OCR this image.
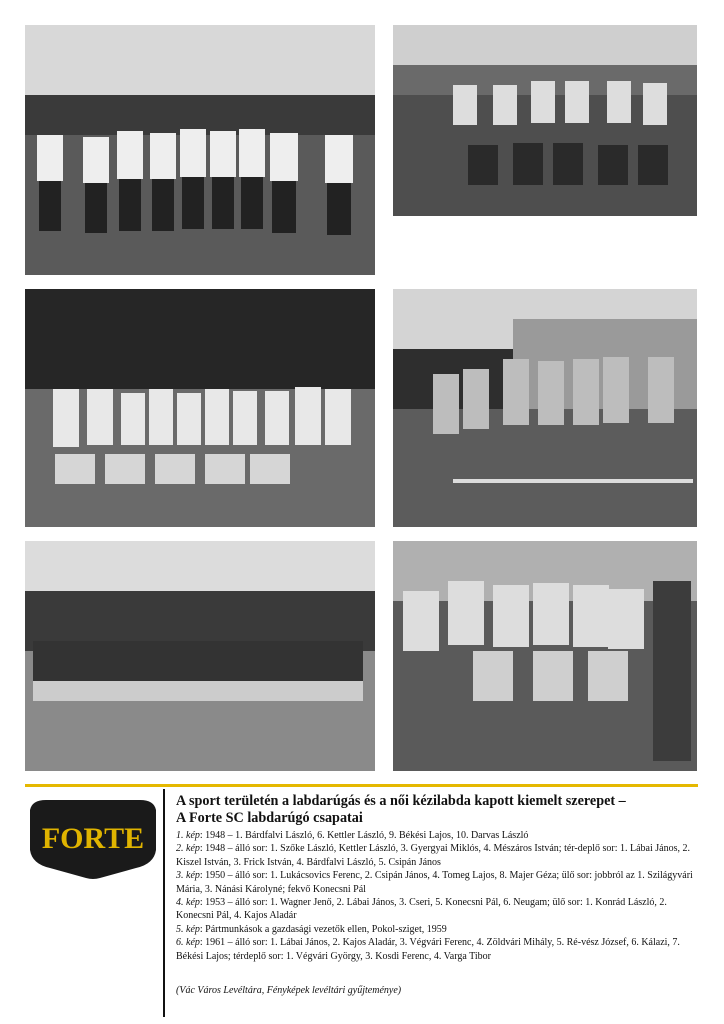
FORTE
A sport területén a labdarúgás és a női kézilabda kapott kiemelt szerepet –
A Forte SC labdarúgó csapatai

1. kép: 1948 – 1. Bárdfalvi László, 6. Kettler László, 9. Békési Lajos, 10. Darvas László

2. kép: 1948 – álló sor: 1. Szőke László, Kettler László, 3. Gyergyai Miklós, 4. Mészáros István; tér-deplő sor: 1. Lábai János, 2. Kiszel István, 3. Frick István, 4. Bárdfalvi László, 5. Csipán János

3. kép: 1950 – álló sor: 1. Lukácsovics Ferenc, 2. Csipán János, 4. Tomeg Lajos, 8. Majer Géza; ülő sor: jobbról az 1. Szilágyvári Mária, 3. Nánási Károlyné; fekvő Konecsni Pál

4. kép: 1953 – álló sor: 1. Wagner Jenő, 2. Lábai János, 3. Cseri, 5. Konecsni Pál, 6. Neugam; ülő sor: 1. Konrád László, 2. Konecsni Pál, 4. Kajos Aladár

5. kép: Pártmunkások a gazdasági vezetők ellen, Pokol-sziget, 1959

6. kép: 1961 – álló sor: 1. Lábai János, 2. Kajos Aladár, 3. Végvári Ferenc, 4. Zöldvári Mihály, 5. Ré-vész József, 6. Kálazi, 7. Békési Lajos; térdeplő sor: 1. Végvári György, 3. Kosdi Ferenc, 4. Varga Tibor

(Vác Város Levéltára, Fényképek levéltári gyűjteménye)
